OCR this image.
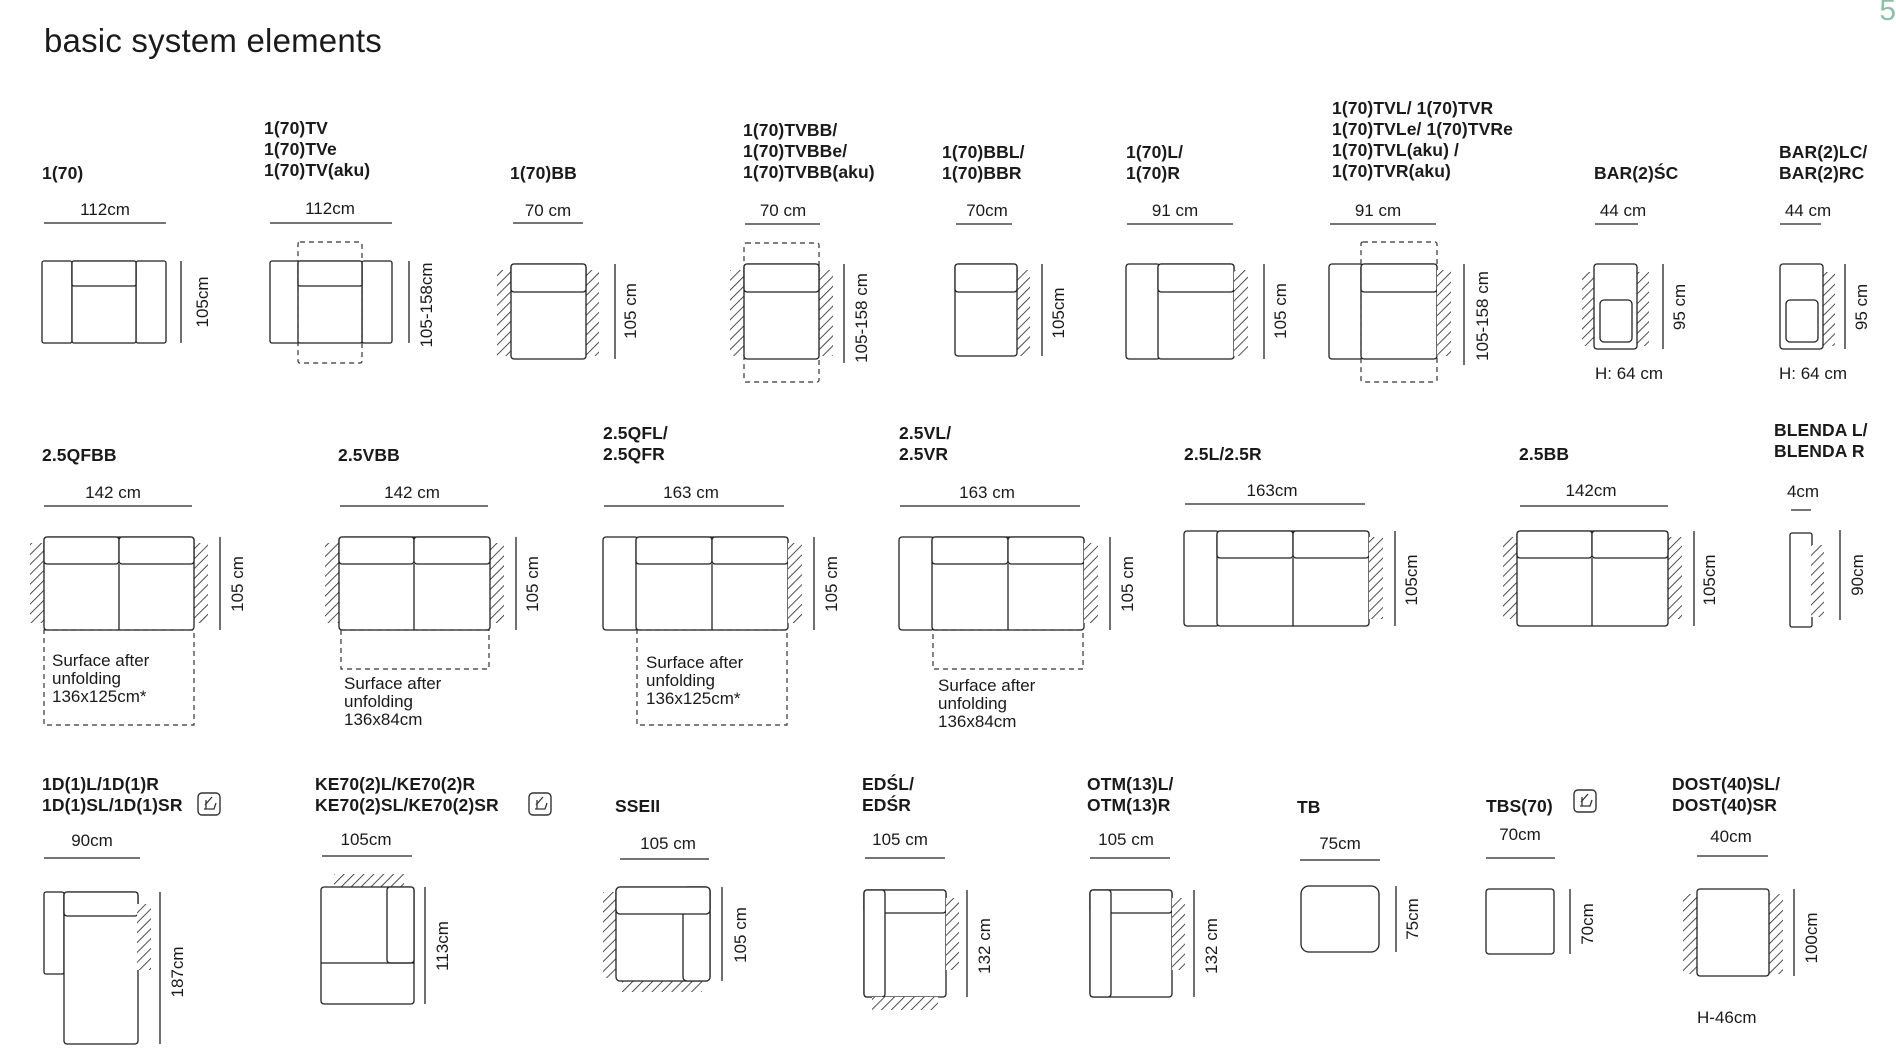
basic system elements
5
1(70)
1(70)TV
1(70)TVe
1(70)TV(aku)	1(70)BB
1(70)TVBB/
1(70)TVBBe/
1(70)TVBB(aku)
1(70)BBL/
1(70)BBR
1(70)L/
1(70)R
1(70)TVL/ 1(70)TVR
1(70)TVLe/ 1(70)TVRe
1(70)TVL(aku) /
1(70)TVR(aku)	BAR(2)ŚC
BAR(2)LC/
BAR(2)RC
2.5QFBB	2.5VBB
2.5QFL/
2.5QFR
2.5VL/
2.5VR	2.5L/2.5R	2.5BB
BLENDA L/
BLENDA R
1D(1)L/1D(1)R
1D(1)SL/1D(1)SR
KE70(2)L/KE70(2)R
KE70(2)SL/KE70(2)SR	SSEII
EDŚL/
EDŚR
OTM(13)L/
OTM(13)R	TB	TBS(70)
DOST(40)SL/
DOST(40)SR
112cm
105cm
112cm
105-158cm
70 cm
105 cm
70 cm
105-158 cm
70cm
105cm
91 cm
105 cm
91 cm
105-158 cm
44 cm
95 cm
H: 64 cm
44 cm
95 cm
H: 64 cm
142 cm
105 cm
Surface after
unfolding
136x125cm*
142 cm
105 cm
Surface after
unfolding
136x84cm
163 cm
105 cm
Surface after
unfolding
136x125cm*
163 cm
105 cm
Surface after
unfolding
136x84cm
163cm
105cm
142cm
105cm
4cm
90cm
90cm
187cm
105cm
113cm
105 cm
105 cm
105 cm
132 cm
105 cm
132 cm
75cm
75cm
70cm
70cm
40cm
100cm
H-46cm
